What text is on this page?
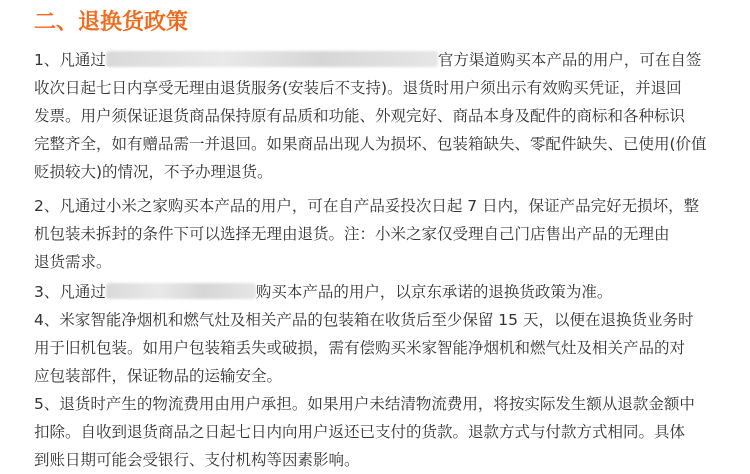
二、退换货政策
1、凡通过	官方渠道购买本产品的用户，可在自签
收次日起七日内享受无理由退货服务(安装后不支持)。退货时用户须出示有效购买凭证，并退回
发票。用户须保证退货商品保持原有品质和功能、外观完好、商品本身及配件的商标和各种标识
完整齐全，如有赠品需一并退回。如果商品出现人为损坏、包装箱缺失、零配件缺失、已使用(价值
贬损较大)的情况，不予办理退货。
2、凡通过小米之家购买本产品的用户，可在自产品妥投次日起 7 日内，保证产品完好无损坏，整
机包装未拆封的条件下可以选择无理由退货。注：小米之家仅受理自己门店售出产品的无理由
退货需求。
3、凡通过	购买本产品的用户，以京东承诺的退换货政策为准。
4、米家智能净烟机和燃气灶及相关产品的包装箱在收货后至少保留 15 天，以便在退换货业务时
用于旧机包装。如用户包装箱丢失或破损，需有偿购买米家智能净烟机和燃气灶及相关产品的对
应包装部件，保证物品的运输安全。
5、退货时产生的物流费用由用户承担。如果用户未结清物流费用，将按实际发生额从退款金额中
扣除。自收到退货商品之日起七日内向用户返还已支付的货款。退款方式与付款方式相同。具体
到账日期可能会受银行、支付机构等因素影响。
